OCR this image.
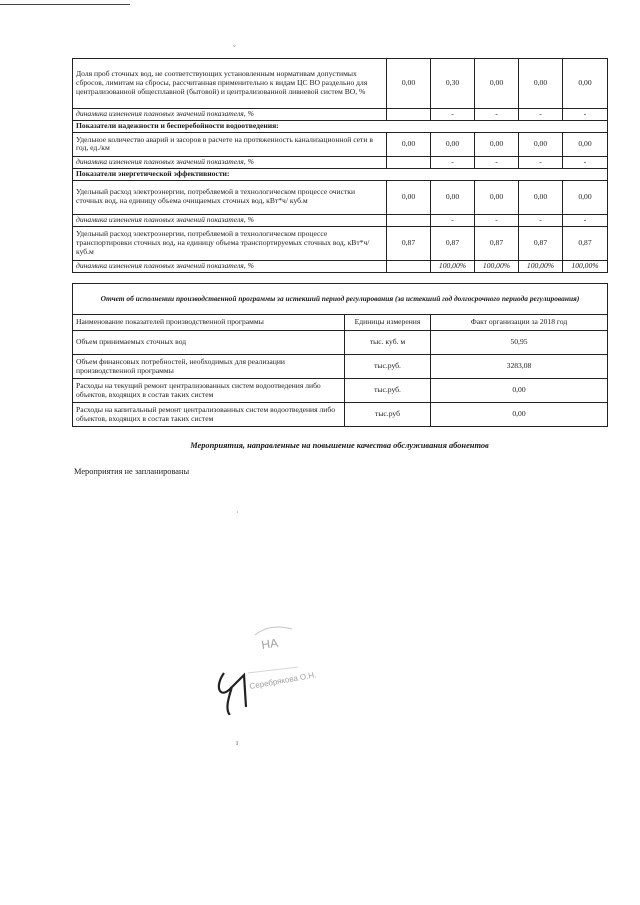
ˇ
Доля проб сточных вод, не соответствующих установленным нормативам допустимых сбросов, лимитам на сбросы, рассчитанная применительно к видам ЦС ВО раздельно для централизованной общесплавной (бытовой) и централизованной ливневой систем ВО, %	0,00	0,30	0,00	0,00	0,00
динамика изменения плановых значений показателя, %		-	-	-	-
Показатели надежности и бесперебойности водоотведения:					
Удельное количество аварий и засоров в расчете на протяженность канализационной сети в год, ед./км	0,00	0,00	0,00	0,00	0,00
динамика изменения плановых значений показателя, %		-	-	-	-
Показатели энергетической эффективности:					
Удельный расход электроэнергии, потребляемой в технологическом процессе очистки сточных вод, на единицу объема очищаемых сточных вод, кВт*ч/ куб.м	0,00	0,00	0,00	0,00	0,00
динамика изменения плановых значений показателя, %		-	-	-	-
Удельный расход электроэнергии, потребляемой в технологическом процессе транспортировки сточных вод, на единицу объема транспортируемых сточных вод, кВт*ч/ куб.м	0,87	0,87	0,87	0,87	0,87
динамика изменения плановых значений показателя, %		100,00%	100,00%	100,00%	100,00%
Отчет об исполнении производственной программы за истекший период регулирования (за истекший год долгосрочного периода регулирования)		
Наименование показателей производственной программы	Единицы измерения	Факт организации за 2018 год
Объем принимаемых сточных вод	тыс. куб. м	50,95
Объем финансовых потребностей, необходимых для реализации производственной программы	тыс.руб.	3283,08
Расходы на текущий ремонт централизованных систем водоотведения либо объектов, входящих в состав таких систем	тыс.руб.	0,00
Расходы на капитальный ремонт централизованных систем водоотведения либо объектов, входящих в состав таких систем	тыс.руб	0,00
Мероприятия, направленные на повышение качества обслуживания абонентов
Мероприятия не запланированы
·
ı
НА
Серебрякова О.Н.
